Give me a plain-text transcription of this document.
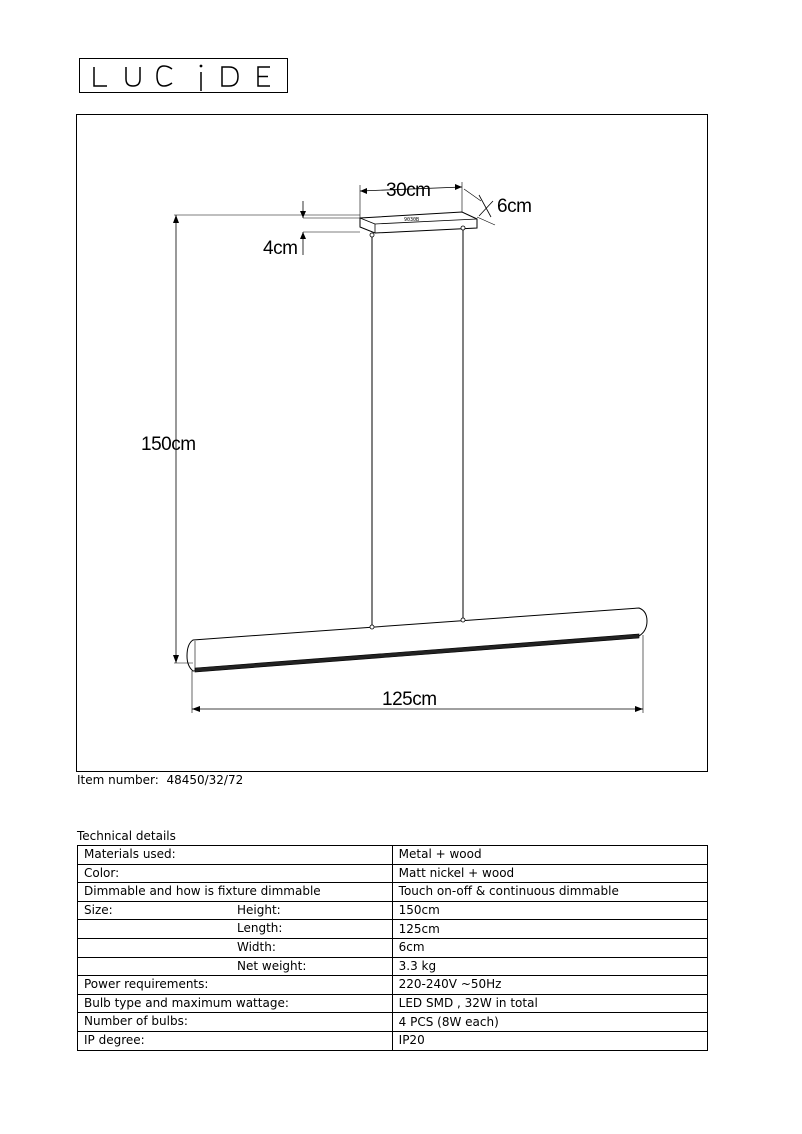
9030B
150cm
4cm
30cm
6cm
125cm
Item number: 48450/32/72
Technical details
Materials used:	Metal + wood

Color:	Matt nickel + wood

Dimmable and how is fixture dimmable	Touch on-off & continuous dimmable

Size: Height:	150cm

Length:	125cm

Width:	6cm

Net weight:	3.3 kg

Power requirements:	220-240V ~50Hz

Bulb type and maximum wattage:	LED SMD , 32W in total

Number of bulbs:	4 PCS (8W each)

IP degree:	IP20
